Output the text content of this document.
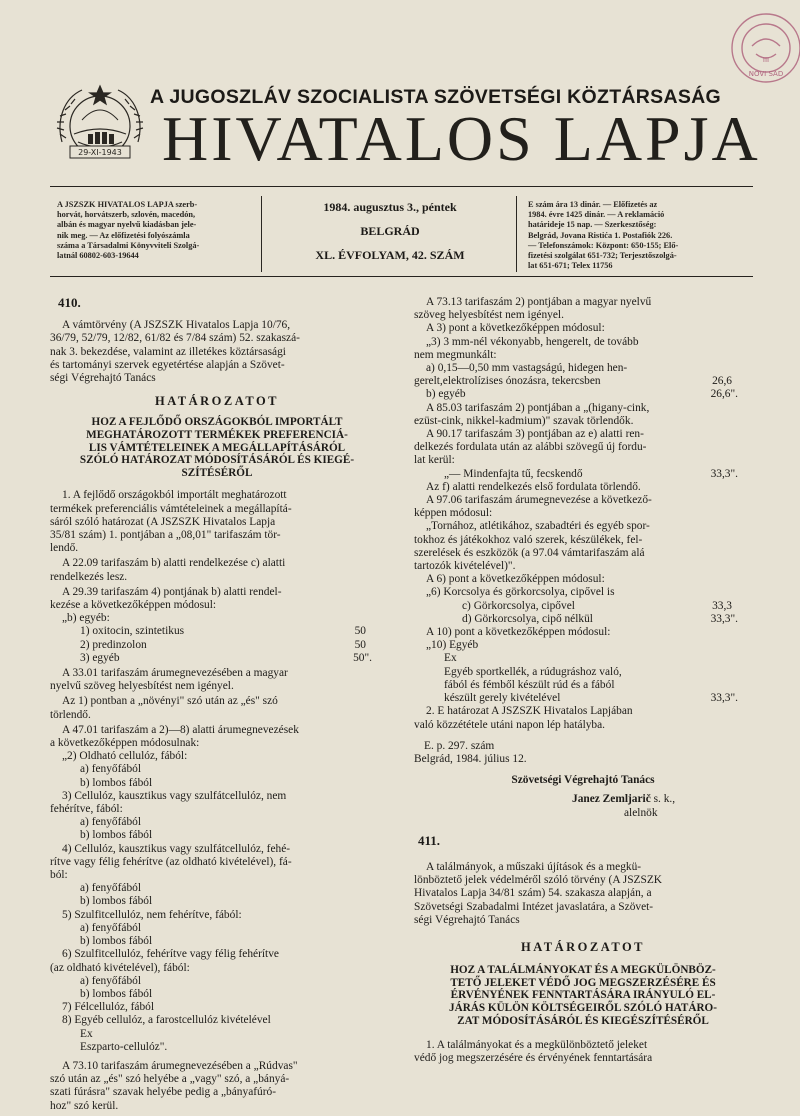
29-XI-1943
NOVI SAD
III
A JUGOSZLÁV SZOCIALISTA SZÖVETSÉGI KÖZTÁRSASÁG
HIVATALOS LAPJA
A JSZSZK HIVATALOS LAPJA szerb-
horvát, horvátszerb, szlovén, macedón,
albán és magyar nyelvű kiadásban jele-
nik meg. — Az előfizetési folyószámla
száma a Társadalmi Könyvviteli Szolgá-
latnál 60802-603-19644
1984. augusztus 3., péntek
BELGRÁD
XL. ÉVFOLYAM, 42. SZÁM
E szám ára 13 dinár. — Előfizetés az
1984. évre 1425 dinár. — A reklamáció
határideje 15 nap. — Szerkesztőség:
Belgrád, Jovana Ristića 1. Postafiók 226.
— Telefonszámok: Központ: 650-155; Elő-
fizetési szolgálat 651-732; Terjesztőszolgá-
lat 651-671; Telex 11756

410.

A vámtörvény (A JSZSZK Hivatalos Lapja 10/76,

36/79, 52/79, 12/82, 61/82 és 7/84 szám) 52. szakaszá-

nak 3. bekezdése, valamint az illetékes köztársasági

és tartományi szervek egyetértése alapján a Szövet-

ségi Végrehajtó Tanács

HATÁROZATOT

HOZ A FEJLŐDŐ ORSZÁGOKBÓL IMPORTÁLT

MEGHATÁROZOTT TERMÉKEK PREFERENCIÁ-

LIS VÁMTÉTELEINEK A MEGÁLLAPÍTÁSÁRÓL

SZÓLÓ HATÁROZAT MÓDOSÍTÁSÁRÓL ÉS KIEGÉ-

SZÍTÉSÉRŐL

1. A fejlődő országokból importált meghatározott

termékek preferenciális vámtételeinek a megállapítá-

sáról szóló határozat (A JSZSZK Hivatalos Lapja

35/81 szám) 1. pontjában a „08,01" tarifaszám tör-

lendő.

A 22.09 tarifaszám b) alatti rendelkezése c) alatti

rendelkezés lesz.

A 29.39 tarifaszám 4) pontjának b) alatti rendel-

kezése a következőképpen módosul:

„b) egyéb:

1) oxitocin, szintetikus	50
2) predinzolon	50
3) egyéb	50".

A 33.01 tarifaszám árumegnevezésében a magyar

nyelvű szöveg helyesbítést nem igényel.

Az 1) pontban a „növényi" szó után az „és" szó

törlendő.

A 47.01 tarifaszám a 2)—8) alatti árumegnevezések

a következőképpen módosulnak:

„2) Oldható cellulóz, fából:

a) fenyőfából

b) lombos fából

3) Cellulóz, kausztikus vagy szulfátcellulóz, nem

fehérítve, fából:

a) fenyőfából

b) lombos fából

4) Cellulóz, kausztikus vagy szulfátcellulóz, fehé-

rítve vagy félig fehérítve (az oldható kivételével), fá-

ból:

a) fenyőfából

b) lombos fából

5) Szulfitcellulóz, nem fehérítve, fából:

a) fenyőfából

b) lombos fából

6) Szulfitcellulóz, fehérítve vagy félig fehérítve

(az oldható kivételével), fából:

a) fenyőfából

b) lombos fából

7) Félcellulóz, fából

8) Egyéb cellulóz, a farostcellulóz kivételével

Ex

Eszparto-cellulóz".

A 73.10 tarifaszám árumegnevezésében a „Rúdvas"

szó után az „és" szó helyébe a „vagy" szó, a „bányá-

szati fúrásra" szavak helyébe pedig a „bányafúró-

hoz" szó kerül.

A 73.13 tarifaszám 2) pontjában a magyar nyelvű

szöveg helyesbítést nem igényel.

A 3) pont a következőképpen módosul:

„3) 3 mm-nél vékonyabb, hengerelt, de tovább

nem megmunkált:

a) 0,15—0,50 mm vastagságú, hidegen hen-
gerelt,elektrolízises ónozásra, tekercsben	26,6
b) egyéb	26,6".

A 85.03 tarifaszám 2) pontjában a „(higany-cink,

ezüst-cink, nikkel-kadmium)" szavak törlendők.

A 90.17 tarifaszám 3) pontjában az e) alatti ren-

delkezés fordulata után az alábbi szövegű új fordu-

lat kerül:

„— Mindenfajta tű, fecskendő	33,3".

Az f) alatti rendelkezés első fordulata törlendő.

A 97.06 tarifaszám árumegnevezése a következő-

képpen módosul:

„Tornához, atlétikához, szabadtéri és egyéb spor-

tokhoz és játékokhoz való szerek, készülékek, fel-

szerelések és eszközök (a 97.04 vámtarifaszám alá

tartozók kivételével)".

A 6) pont a következőképpen módosul:

„6) Korcsolya és görkorcsolya, cipővel is
c) Görkorcsolya, cipővel	33,3
d) Görkorcsolya, cipő nélkül	33,3".

A 10) pont a következőképpen módosul:

„10) Egyéb

Ex

Egyéb sportkellék, a rúdugráshoz való,

fából és fémből készült rúd és a fából

készült gerely kivételével	33,3".

2. E határozat A JSZSZK Hivatalos Lapjában

való közzététele utáni napon lép hatályba.

E. p. 297. szám

Belgrád, 1984. július 12.

Szövetségi Végrehajtó Tanács

Janez Zemljarič s. k.,

alelnök

411.

A találmányok, a műszaki újítások és a megkü-

lönböztető jelek védelméről szóló törvény (A JSZSZK

Hivatalos Lapja 34/81 szám) 54. szakasza alapján, a

Szövetségi Szabadalmi Intézet javaslatára, a Szövet-

ségi Végrehajtó Tanács

HATÁROZATOT

HOZ A TALÁLMÁNYOKAT ÉS A MEGKÜLÖNBÖZ-

TETŐ JELEKET VÉDŐ JOG MEGSZERZÉSÉRE ÉS

ÉRVÉNYÉNEK FENNTARTÁSÁRA IRÁNYULÓ EL-

JÁRÁS KÜLÖN KÖLTSÉGEIRŐL SZÓLÓ HATÁRO-

ZAT MÓDOSÍTÁSÁRÓL ÉS KIEGÉSZÍTÉSÉRŐL

1. A találmányokat és a megkülönböztető jeleket

védő jog megszerzésére és érvényének fenntartására
